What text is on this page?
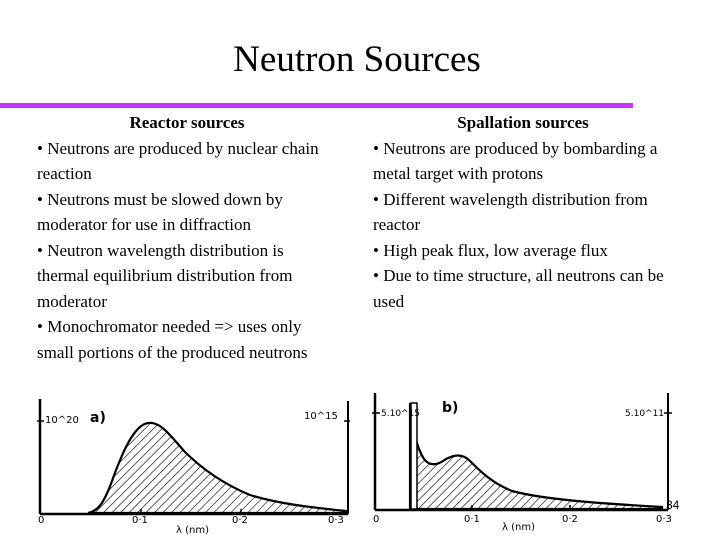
Neutron Sources
Reactor sources

• Neutrons are produced by nuclear chain reaction

• Neutrons must be slowed down by moderator for use in diffraction

• Neutron wavelength distribution is thermal equilibrium distribution from moderator

• Monochromator needed => uses only small portions of the produced neutrons

Spallation sources

• Neutrons are produced by bombarding a metal target with protons

• Different wavelength distribution from reactor

• High peak flux, low average flux

• Due to time structure, all neutrons can be used

10^20	10^15
a)
0	0·1	0·2	0·3
λ (nm)
5.10^15	5.10^11
b)
0	0·1	0·2	0·3
λ (nm)
34
